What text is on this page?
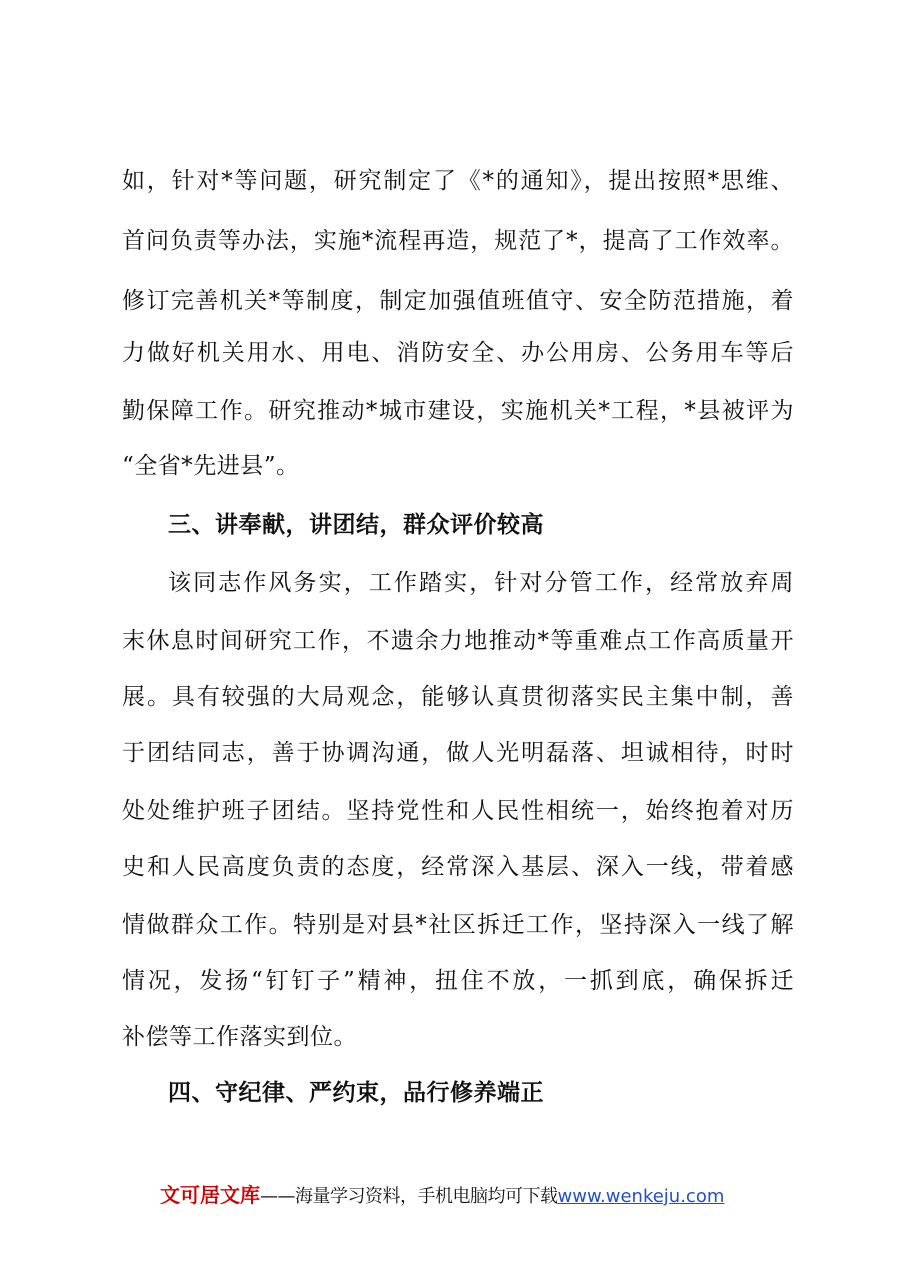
如，针对*等问题，研究制定了《*的通知》，提出按照*思维、
首问负责等办法，实施*流程再造，规范了*，提高了工作效率。
修订完善机关*等制度，制定加强值班值守、安全防范措施，着
力做好机关用水、用电、消防安全、办公用房、公务用车等后
勤保障工作。研究推动*城市建设，实施机关*工程，*县被评为
“全省*先进县”。
三、讲奉献，讲团结，群众评价较高
该同志作风务实，工作踏实，针对分管工作，经常放弃周
末休息时间研究工作，不遗余力地推动*等重难点工作高质量开
展。具有较强的大局观念，能够认真贯彻落实民主集中制，善
于团结同志，善于协调沟通，做人光明磊落、坦诚相待，时时
处处维护班子团结。坚持党性和人民性相统一，始终抱着对历
史和人民高度负责的态度，经常深入基层、深入一线，带着感
情做群众工作。特别是对县*社区拆迁工作，坚持深入一线了解
情况，发扬“钉钉子”精神，扭住不放，一抓到底，确保拆迁
补偿等工作落实到位。
四、守纪律、严约束，品行修养端正
文可居文库——海量学习资料，手机电脑均可下载www.wenkeju.com
